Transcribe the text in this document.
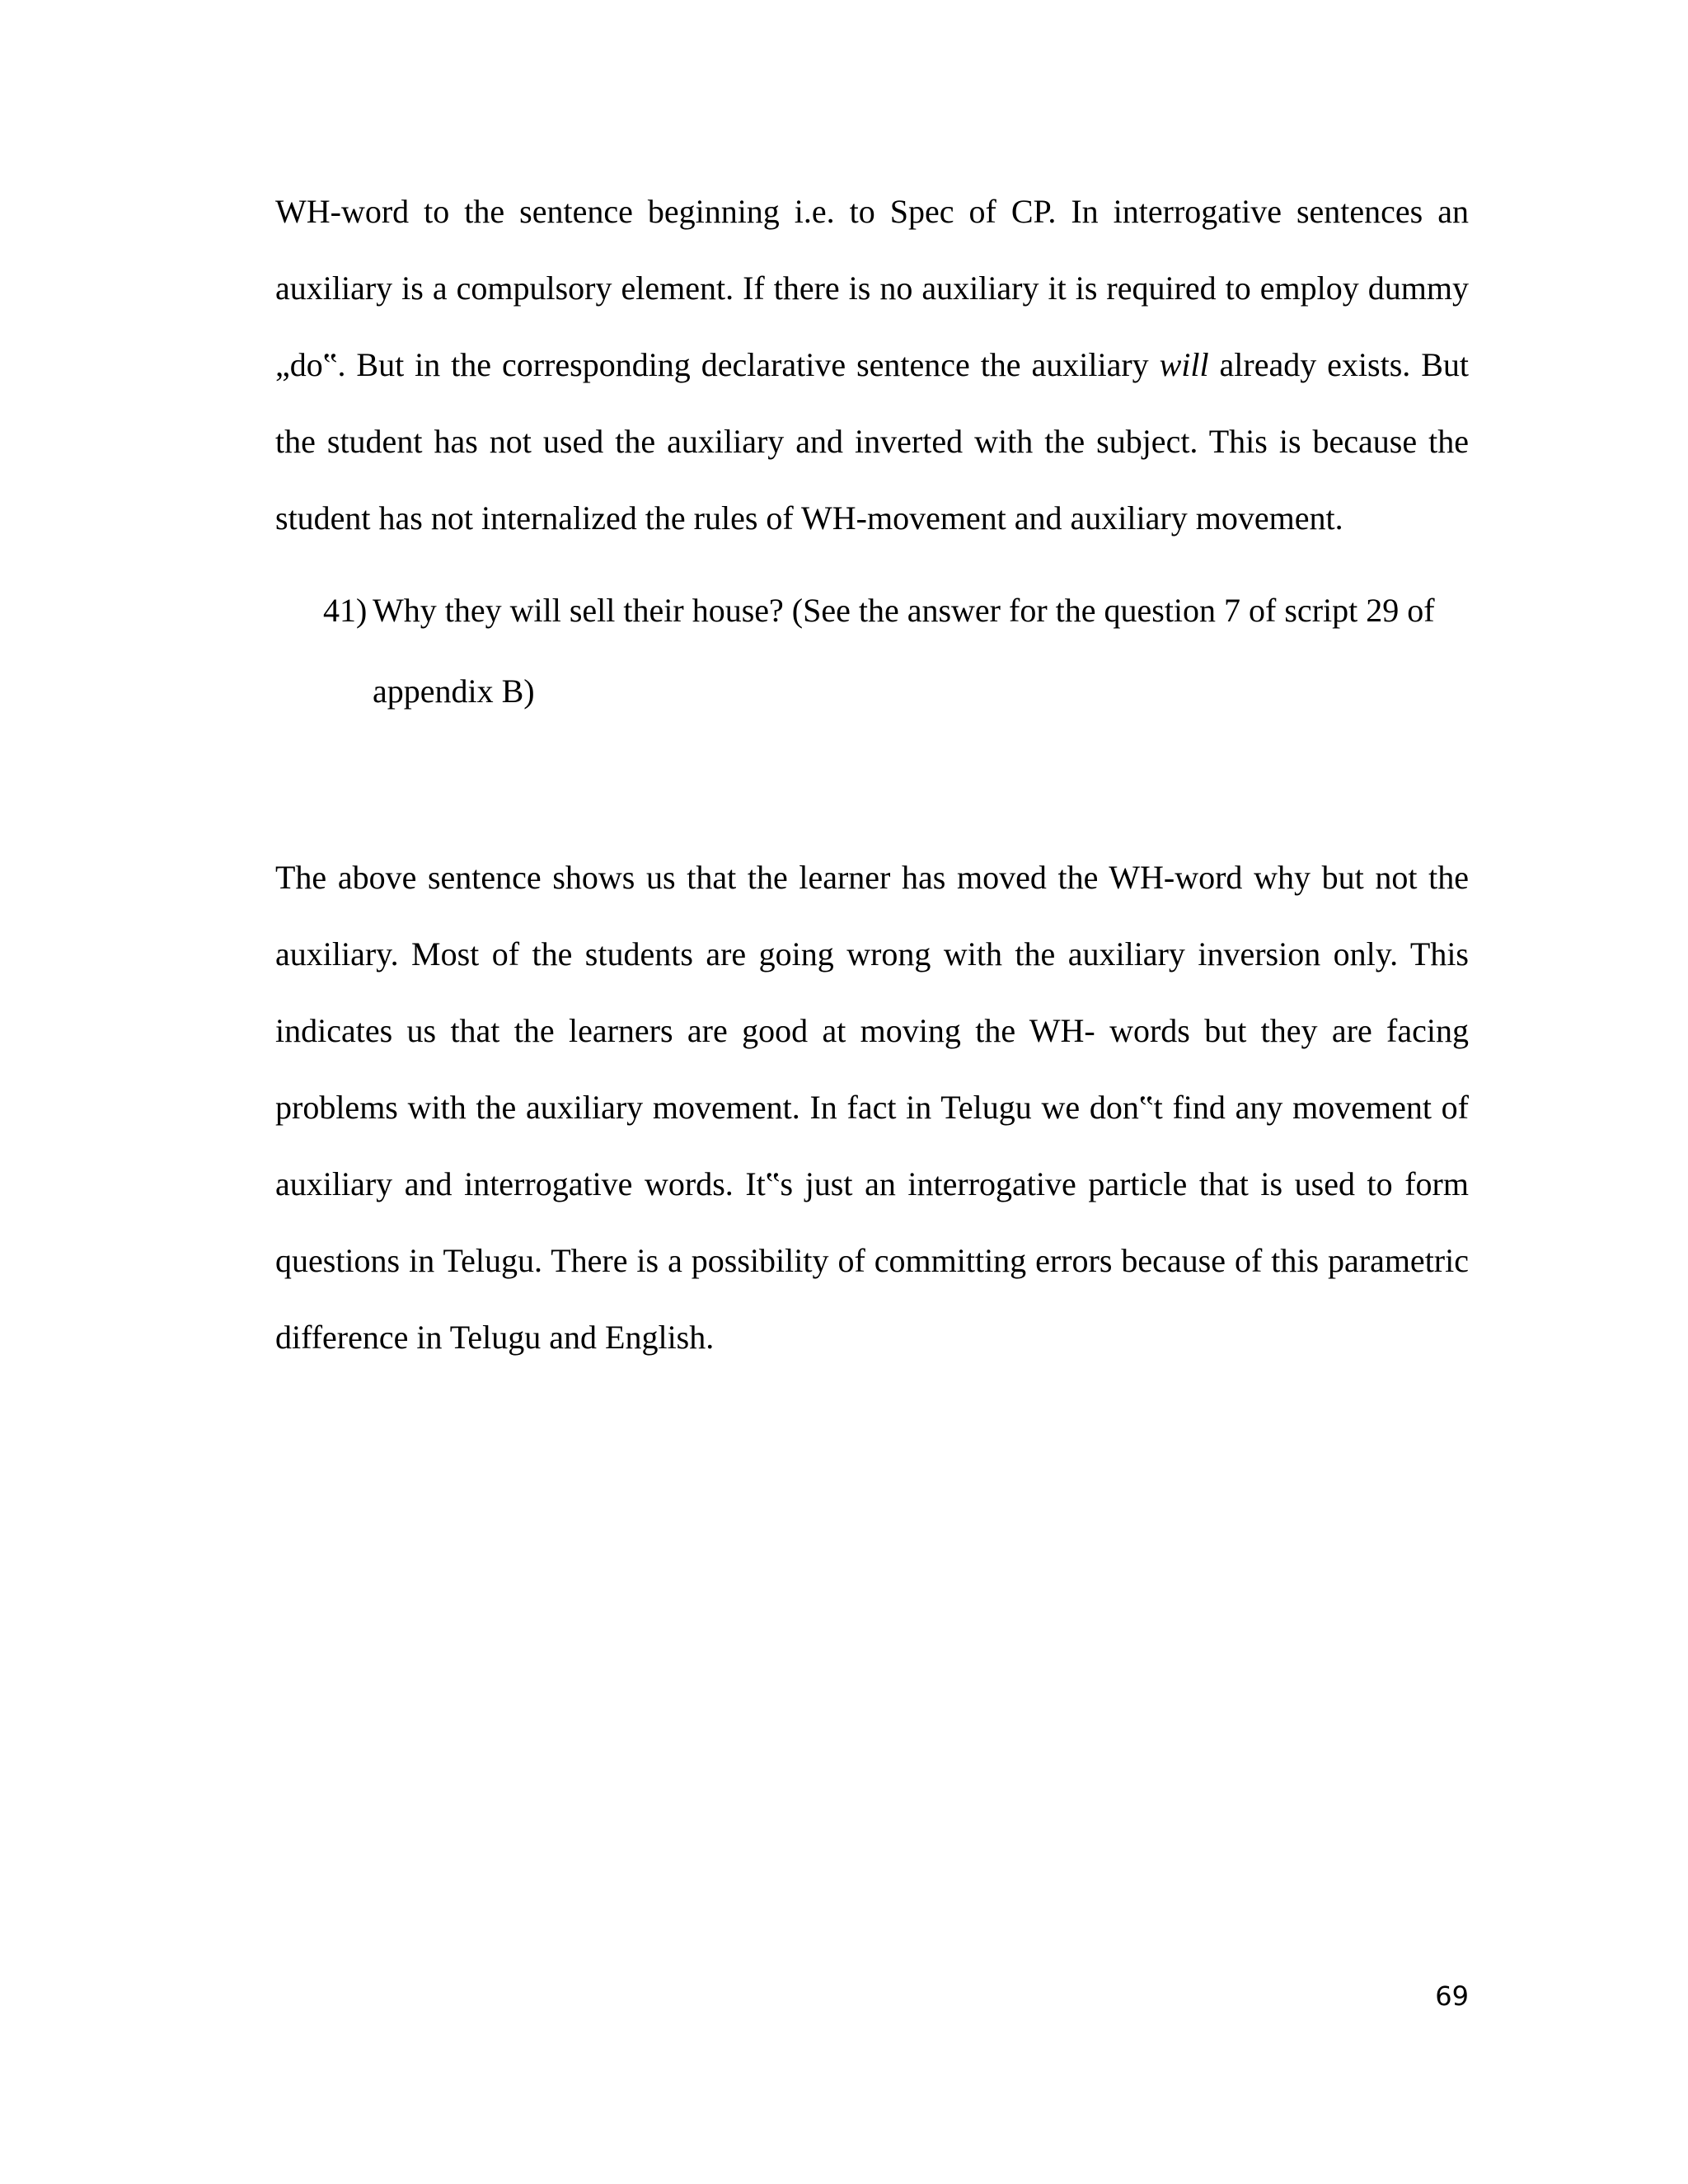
WH-word to the sentence beginning i.e. to Spec of CP. In interrogative sentences an auxiliary is a compulsory element. If there is no auxiliary it is required to employ dummy „do‟. But in the corresponding declarative sentence the auxiliary will already exists. But the student has not used the auxiliary and inverted with the subject. This is because the student has not internalized the rules of WH-movement and auxiliary movement.

41) Why they will sell their house? (See the answer for the question 7 of script 29 of
appendix B)

The above sentence shows us that the learner has moved the WH-word why but not the auxiliary. Most of the students are going wrong with the auxiliary inversion only. This indicates us that the learners are good at moving the WH- words but they are facing problems with the auxiliary movement. In fact in Telugu we don‟t find any movement of auxiliary and interrogative words. It‟s just an interrogative particle that is used to form questions in Telugu. There is a possibility of committing errors because of this parametric difference in Telugu and English.

69
